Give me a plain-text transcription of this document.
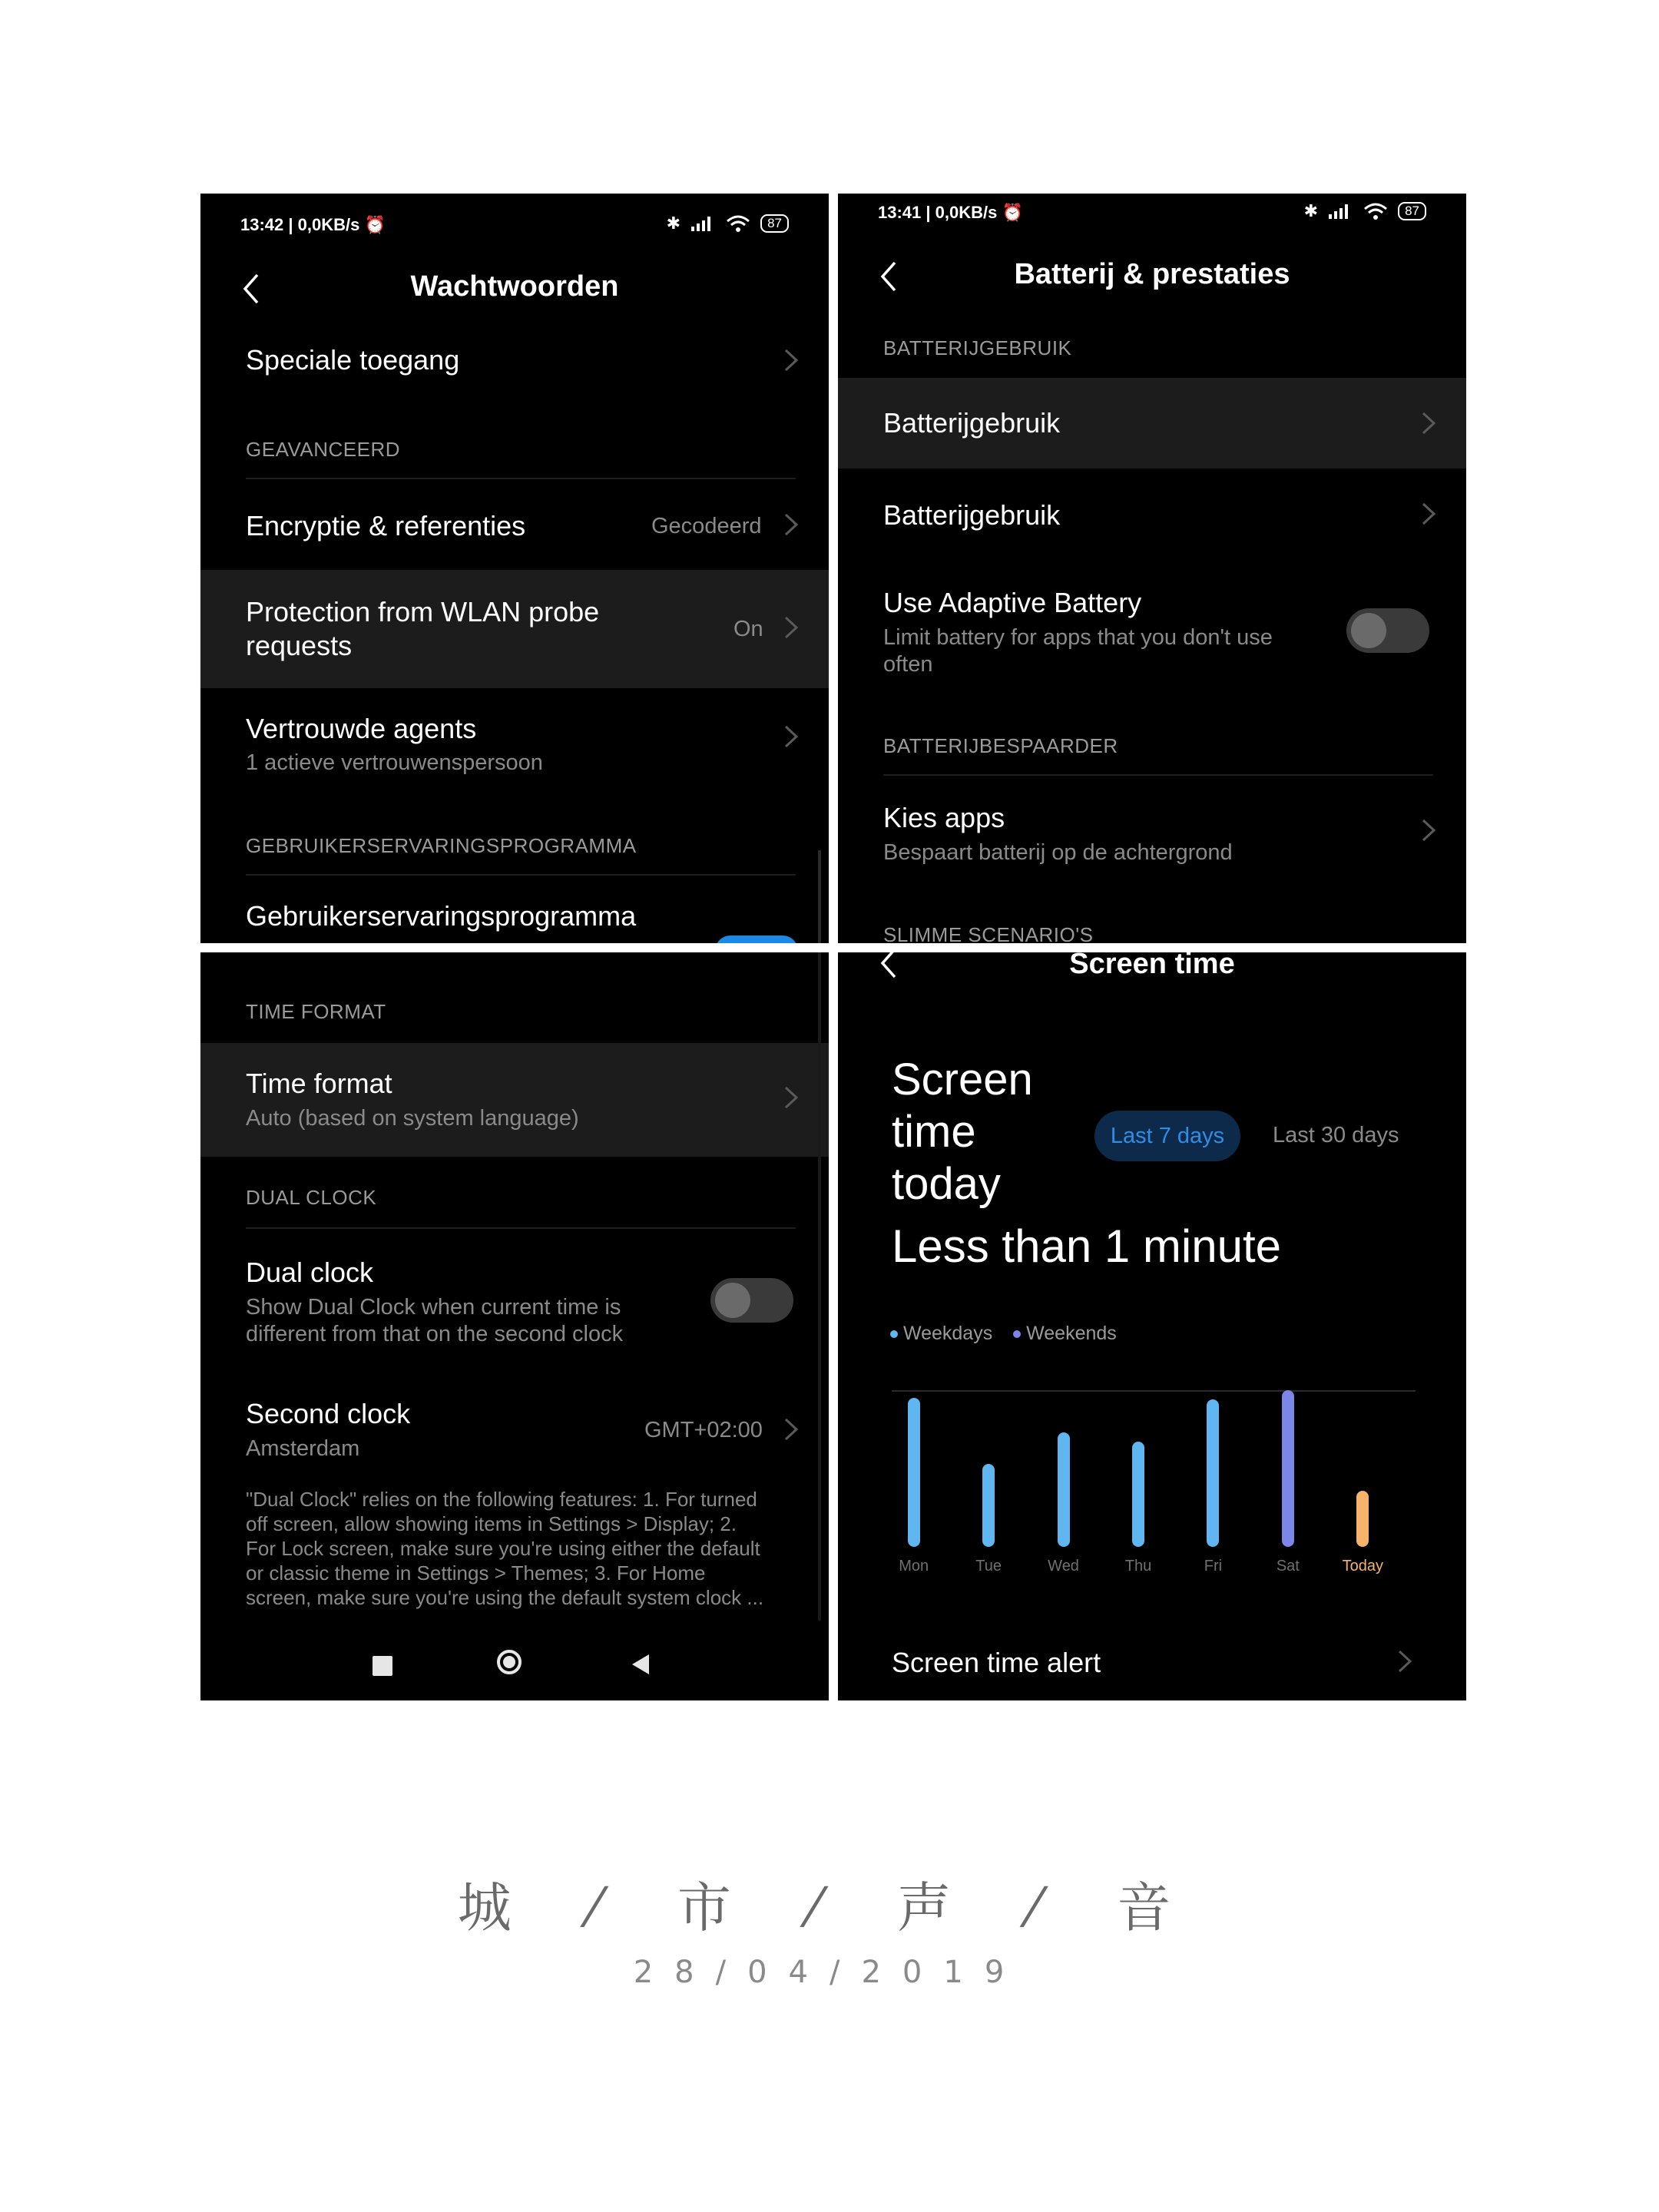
13:42 | 0,0KB/s ⏰	✱	87
Wachtwoorden
Speciale toegang
GEAVANCEERD
Encryptie & referenties	Gecodeerd
Protection from WLAN probe
requests
On
Vertrouwde agents
1 actieve vertrouwenspersoon
GEBRUIKERSERVARINGSPROGRAMMA
Gebruikerservaringsprogramma
13:41 | 0,0KB/s ⏰	✱	87
Batterij & prestaties
BATTERIJGEBRUIK
Batterijgebruik
Batterijgebruik
Use Adaptive Battery
Limit battery for apps that you don't use
often
BATTERIJBESPAARDER
Kies apps
Bespaart batterij op de achtergrond
SLIMME SCENARIO'S
TIME FORMAT
Time format
Auto (based on system language)
DUAL CLOCK
Dual clock
Show Dual Clock when current time is
different from that on the second clock
Second clock
Amsterdam
GMT+02:00
"Dual Clock" relies on the following features: 1. For turned
off screen, allow showing items in Settings > Display; 2.
For Lock screen, make sure you're using either the default
or classic theme in Settings > Themes; 3. For Home
screen, make sure you're using the default system clock ...
Screen time
Screen
time
today
Last 7 days	Last 30 days
Less than 1 minute
Weekdays Weekends
Mon	Tue	Wed	Thu	Fri	Sat	Today
Screen time alert
城 ⁄ 市 ⁄ 声 ⁄ 音
28/04/2019
